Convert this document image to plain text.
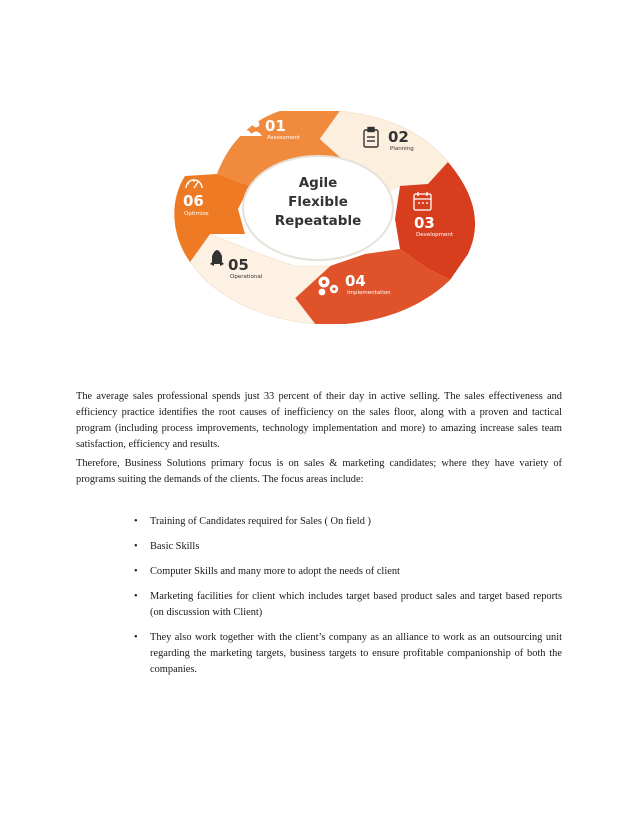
Agile
Flexible
Repeatable
01
Assessment	02
Planning
03
Development
04
Implementation
05
Operational
06
Optimize

The average sales professional spends just 33 percent of their day in active selling. The sales effectiveness and efficiency practice identifies the root causes of inefficiency on the sales floor, along with a proven and tactical program (including process improvements, technology implementation and more) to amazing increase sales team satisfaction, efficiency and results.

Therefore, Business Solutions primary focus is on sales & marketing candidates; where they have variety of programs suiting the demands of the clients. The focus areas include:

• Training of Candidates required for Sales ( On field )
• Basic Skills
• Computer Skills and many more to adopt the needs of client
• Marketing facilities for client which includes target based product sales and target based reports (on discussion with Client)
• They also work together with the client’s company as an alliance to work as an outsourcing unit regarding the marketing targets, business targets to ensure profitable companionship of both the companies.
